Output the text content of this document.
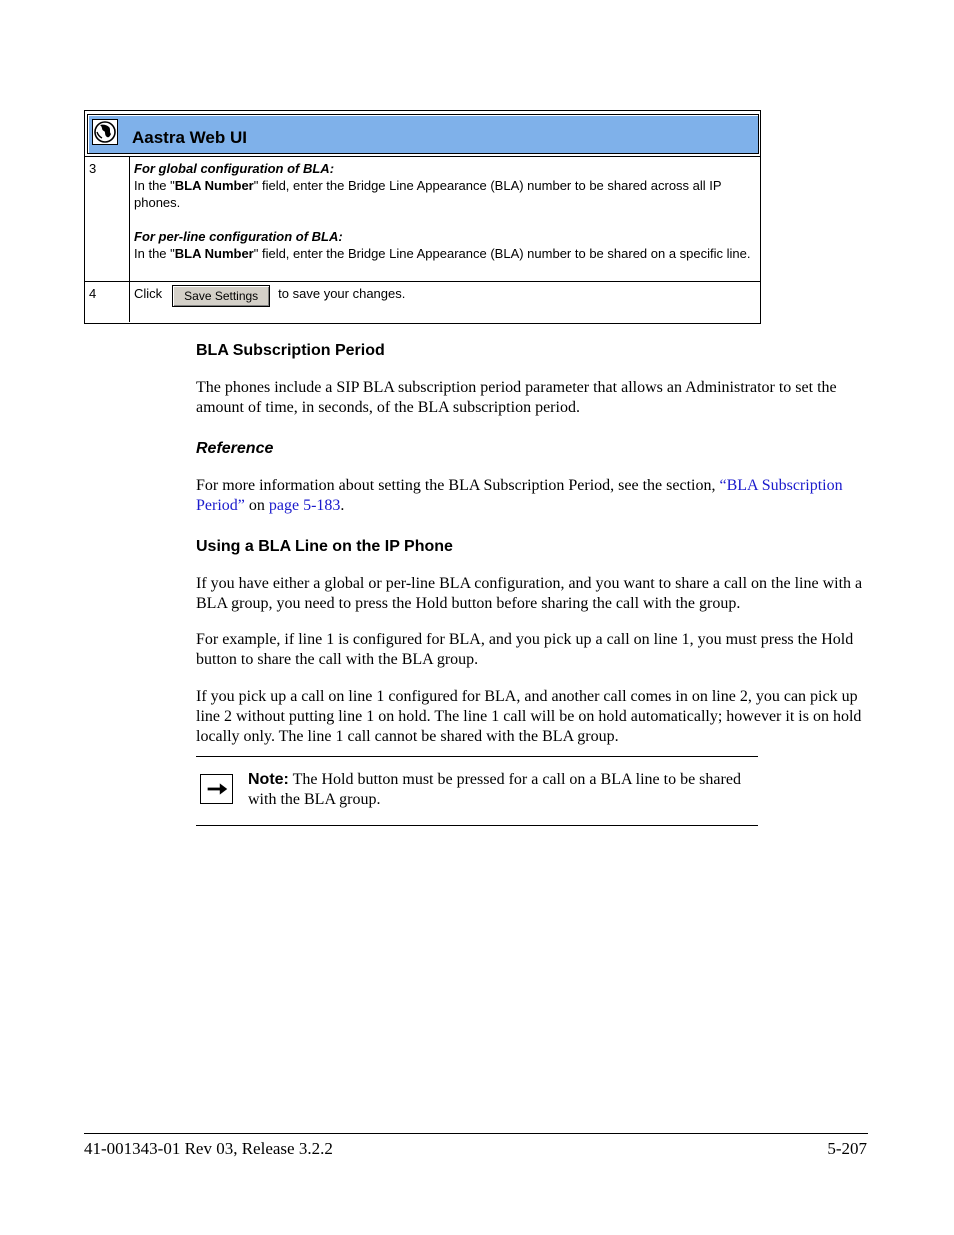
Aastra Web UI
3	For global configuration of BLA:
In the "BLA Number" field, enter the Bridge Line Appearance (BLA) number to be shared across all IP phones.
For per-line configuration of BLA:
In the "BLA Number" field, enter the Bridge Line Appearance (BLA) number to be shared on a specific line.

4	Click Save Settings to save your changes.
BLA Subscription Period
The phones include a SIP BLA subscription period parameter that allows an Administrator to set the amount of time, in seconds, of the BLA subscription period.
Reference
For more information about setting the BLA Subscription Period, see the section, “BLA Subscription Period” on page 5-183.
Using a BLA Line on the IP Phone
If you have either a global or per-line BLA configuration, and you want to share a call on the line with a BLA group, you need to press the Hold button before sharing the call with the group.
For example, if line 1 is configured for BLA, and you pick up a call on line 1, you must press the Hold button to share the call with the BLA group.
If you pick up a call on line 1 configured for BLA, and another call comes in on line 2, you can pick up line 2 without putting line 1 on hold. The line 1 call will be on hold automatically; however it is on hold locally only. The line 1 call cannot be shared with the BLA group.
Note: The Hold button must be pressed for a call on a BLA line to be shared with the BLA group.
41-001343-01 Rev 03, Release 3.2.2	5-207
